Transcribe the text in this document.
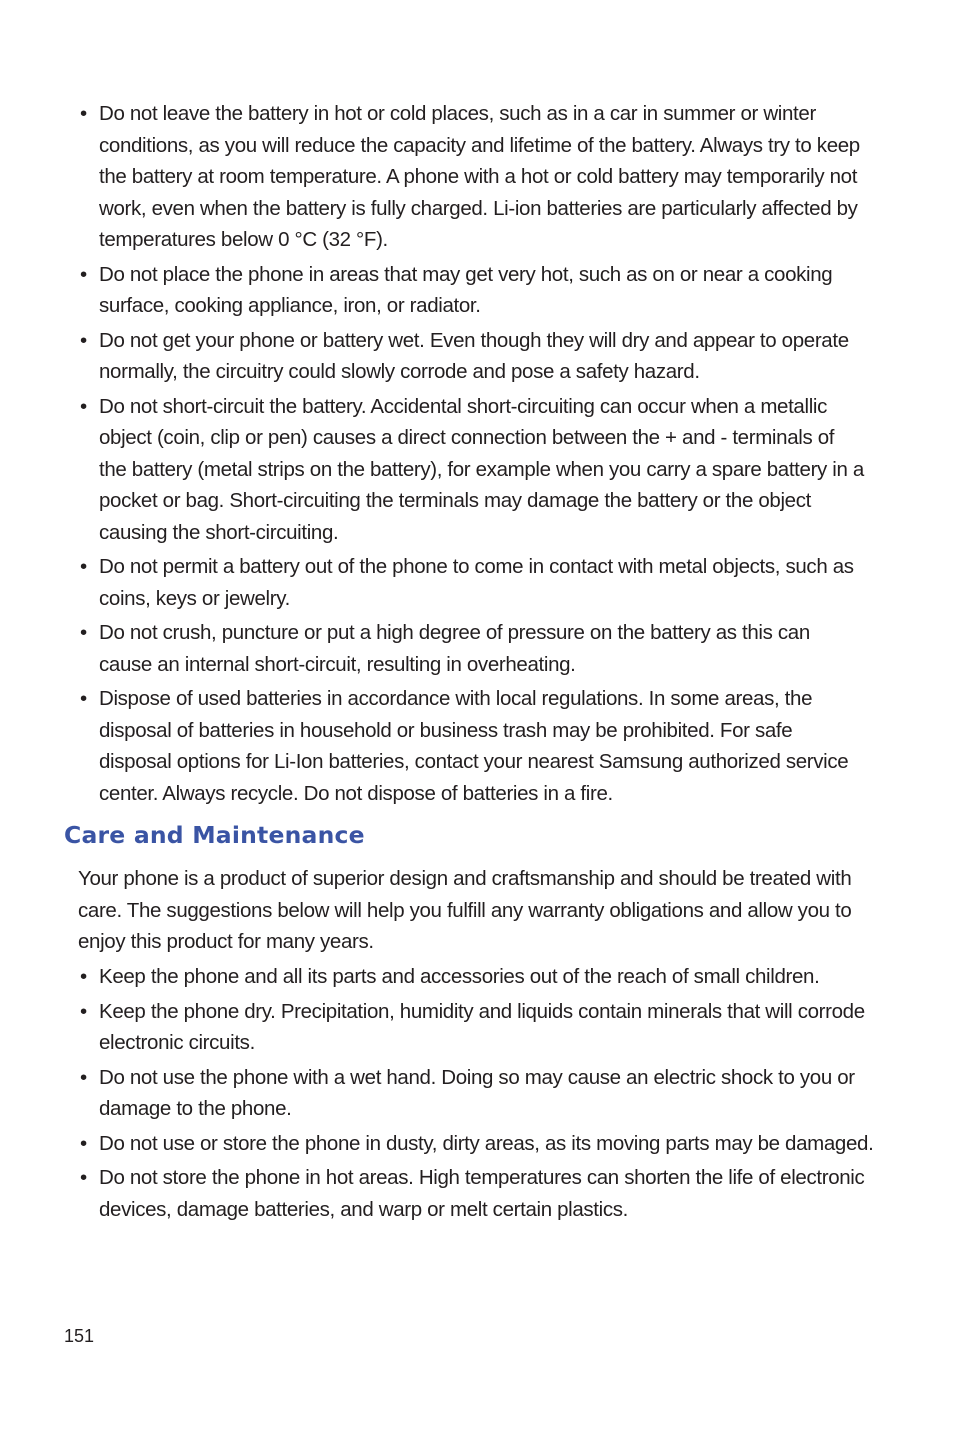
• Do not leave the battery in hot or cold places, such as in a car in summer or winter conditions, as you will reduce the capacity and lifetime of the battery. Always try to keep the battery at room temperature. A phone with a hot or cold battery may temporarily not work, even when the battery is fully charged. Li-ion batteries are particularly affected by temperatures below 0 °C (32 °F).
• Do not place the phone in areas that may get very hot, such as on or near a cooking surface, cooking appliance, iron, or radiator.
• Do not get your phone or battery wet. Even though they will dry and appear to operate normally, the circuitry could slowly corrode and pose a safety hazard.
• Do not short-circuit the battery. Accidental short-circuiting can occur when a metallic object (coin, clip or pen) causes a direct connection between the + and - terminals of the battery (metal strips on the battery), for example when you carry a spare battery in a pocket or bag. Short-circuiting the terminals may damage the battery or the object causing the short-circuiting.
• Do not permit a battery out of the phone to come in contact with metal objects, such as coins, keys or jewelry.
• Do not crush, puncture or put a high degree of pressure on the battery as this can cause an internal short-circuit, resulting in overheating.
• Dispose of used batteries in accordance with local regulations. In some areas, the disposal of batteries in household or business trash may be prohibited. For safe disposal options for Li-Ion batteries, contact your nearest Samsung authorized service center. Always recycle. Do not dispose of batteries in a fire.
Care and Maintenance

Your phone is a product of superior design and craftsmanship and should be treated with care. The suggestions below will help you fulfill any warranty obligations and allow you to enjoy this product for many years.

• Keep the phone and all its parts and accessories out of the reach of small children.
• Keep the phone dry. Precipitation, humidity and liquids contain minerals that will corrode electronic circuits.
• Do not use the phone with a wet hand. Doing so may cause an electric shock to you or damage to the phone.
• Do not use or store the phone in dusty, dirty areas, as its moving parts may be damaged.
• Do not store the phone in hot areas. High temperatures can shorten the life of electronic devices, damage batteries, and warp or melt certain plastics.
151
